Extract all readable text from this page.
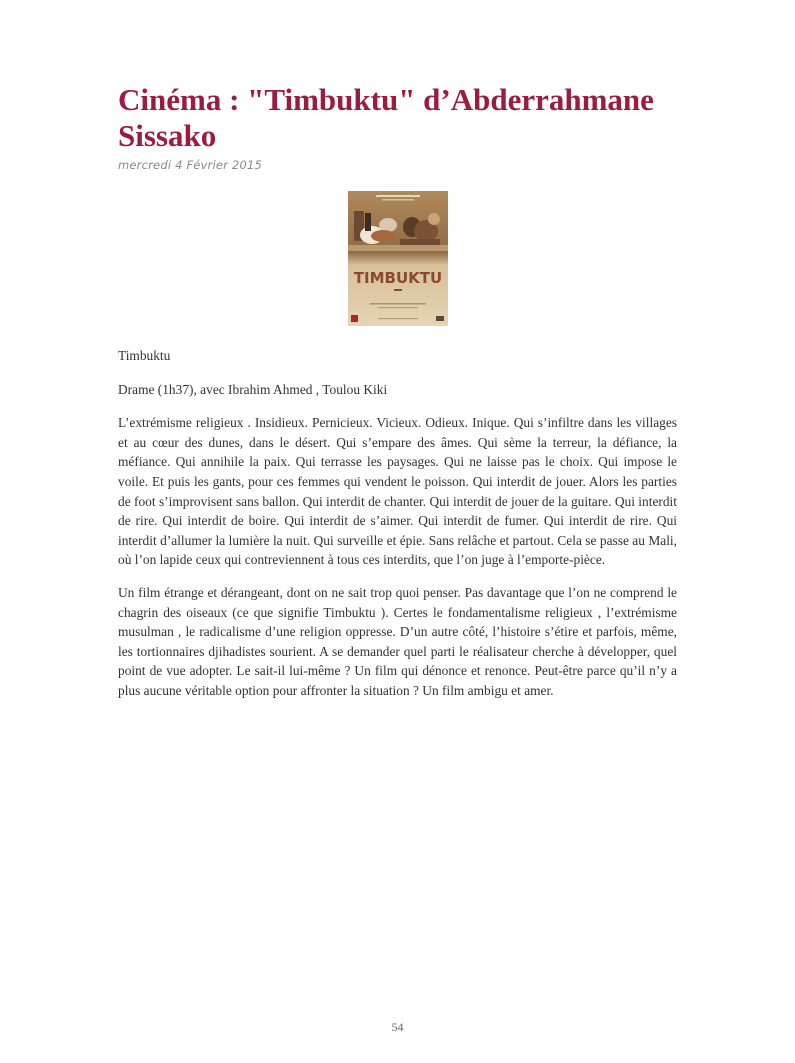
Cinéma : "Timbuktu" d’Abderrahmane Sissako
mercredi 4 Février 2015
TIMBUKTU

Timbuktu

Drame (1h37), avec Ibrahim Ahmed , Toulou Kiki

L’extrémisme religieux . Insidieux. Pernicieux. Vicieux. Odieux. Inique. Qui s’infiltre dans les villages et au cœur des dunes, dans le désert. Qui s’empare des âmes. Qui sème la terreur, la défiance, la méfiance. Qui annihile la paix. Qui terrasse les paysages. Qui ne laisse pas le choix. Qui impose le voile. Et puis les gants, pour ces femmes qui vendent le poisson. Qui interdit de jouer. Alors les parties de foot s’improvisent sans ballon. Qui interdit de chanter. Qui interdit de jouer de la guitare. Qui interdit de rire. Qui interdit de boire. Qui interdit de s’aimer. Qui interdit de fumer. Qui interdit de rire. Qui interdit d’allumer la lumière la nuit. Qui surveille et épie. Sans relâche et partout. Cela se passe au Mali, où l’on lapide ceux qui contreviennent à tous ces interdits, que l’on juge à l’emporte-pièce.

Un film étrange et dérangeant, dont on ne sait trop quoi penser. Pas davantage que l’on ne comprend le chagrin des oiseaux (ce que signifie Timbuktu ). Certes le fondamentalisme religieux , l’extrémisme musulman , le radicalisme d’une religion oppresse. D’un autre côté, l’histoire s’étire et parfois, même, les tortionnaires djihadistes sourient. A se demander quel parti le réalisateur cherche à développer, quel point de vue adopter. Le sait-il lui-même ? Un film qui dénonce et renonce. Peut-être parce qu’il n’y a plus aucune véritable option pour affronter la situation ? Un film ambigu et amer.

54
